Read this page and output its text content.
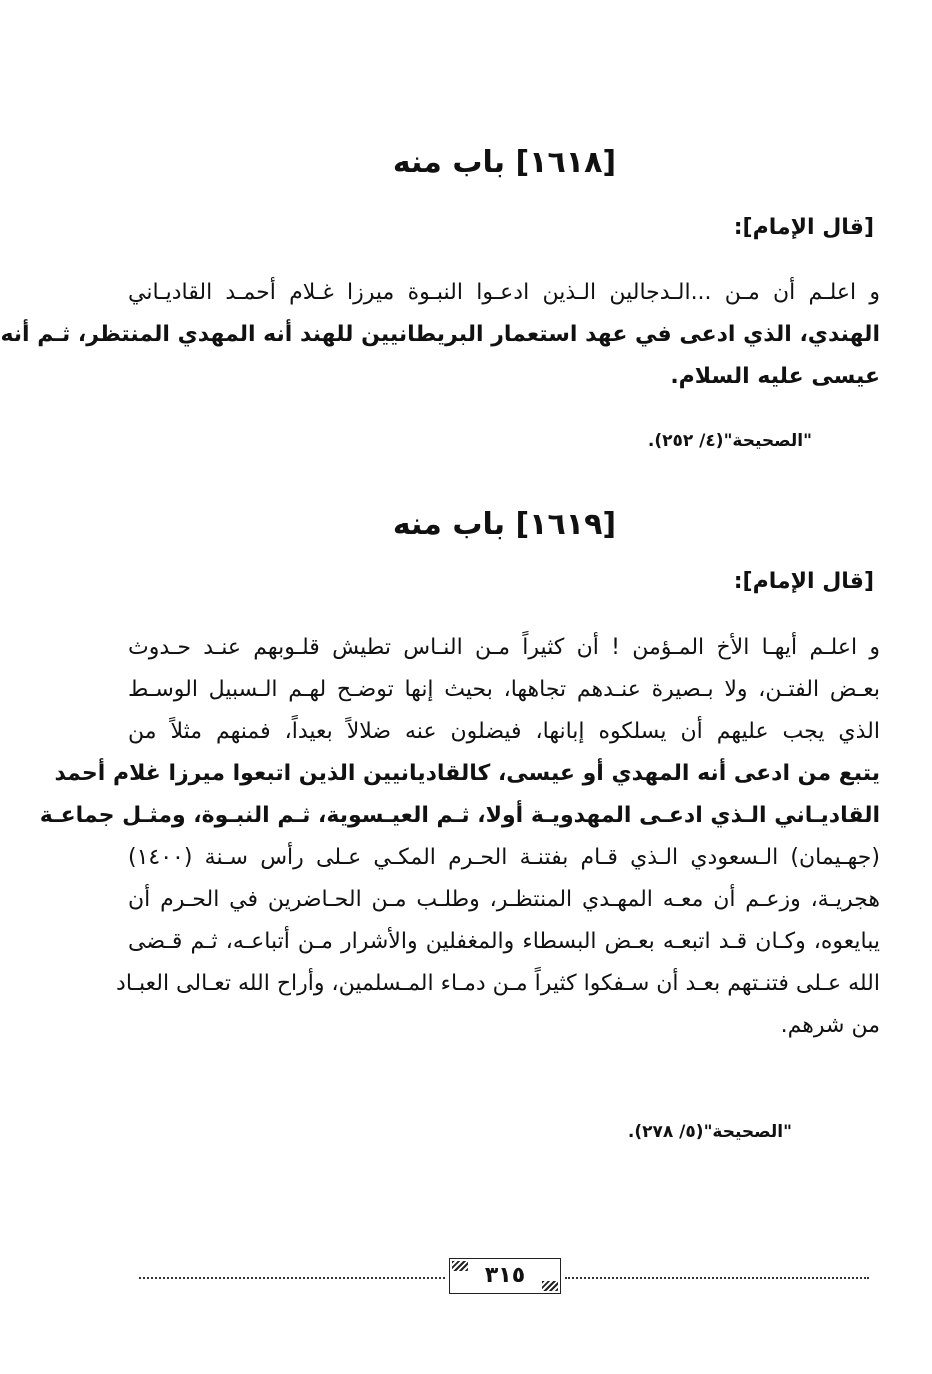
[١٦١٨] باب منه

[قال الإمام]:

و اعلـم أن مـن ...الـدجالين الـذين ادعـوا النبـوة ميرزا غـلام أحمـد القاديـاني
الهندي، الذي ادعى في عهد استعمار البريطانيين للهند أنه المهدي المنتظر، ثـم أنه
عيسى عليه السلام.

"الصحيحة"(٤/ ٢٥٢).

[١٦١٩] باب منه

[قال الإمام]:

و اعلـم أيهـا الأخ المـؤمن ! أن كثيراً مـن النـاس تطيش قلـوبهم عنـد حـدوث
بعـض الفتـن، ولا بـصيرة عنـدهم تجاهها، بحيث إنها توضـح لهـم الـسبيل الوسـط
الذي يجب عليهم أن يسلكوه إبانها، فيضلون عنه ضلالاً بعيداً، فمنهم مثلاً من
يتبع من ادعى أنه المهدي أو عيسى، كالقاديانيين الذين اتبعوا ميرزا غلام أحمد
القاديـاني الـذي ادعـى المهدويـة أولا، ثـم العيـسوية، ثـم النبـوة، ومثـل جماعـة
(جهـيمان) الـسعودي الـذي قـام بفتنـة الحـرم المكـي عـلى رأس سـنة (١٤٠٠)
هجريـة، وزعـم أن معـه المهـدي المنتظـر، وطلـب مـن الحـاضرين في الحـرم أن
يبايعوه، وكـان قـد اتبعـه بعـض البسطاء والمغفلين والأشرار مـن أتباعـه، ثـم قـضى
الله عـلى فتنـتهم بعـد أن سـفكوا كثيراً مـن دمـاء المـسلمين، وأراح الله تعـالى العبـاد
من شرهم.

"الصحيحة"(٥/ ٢٧٨).

٣١٥
